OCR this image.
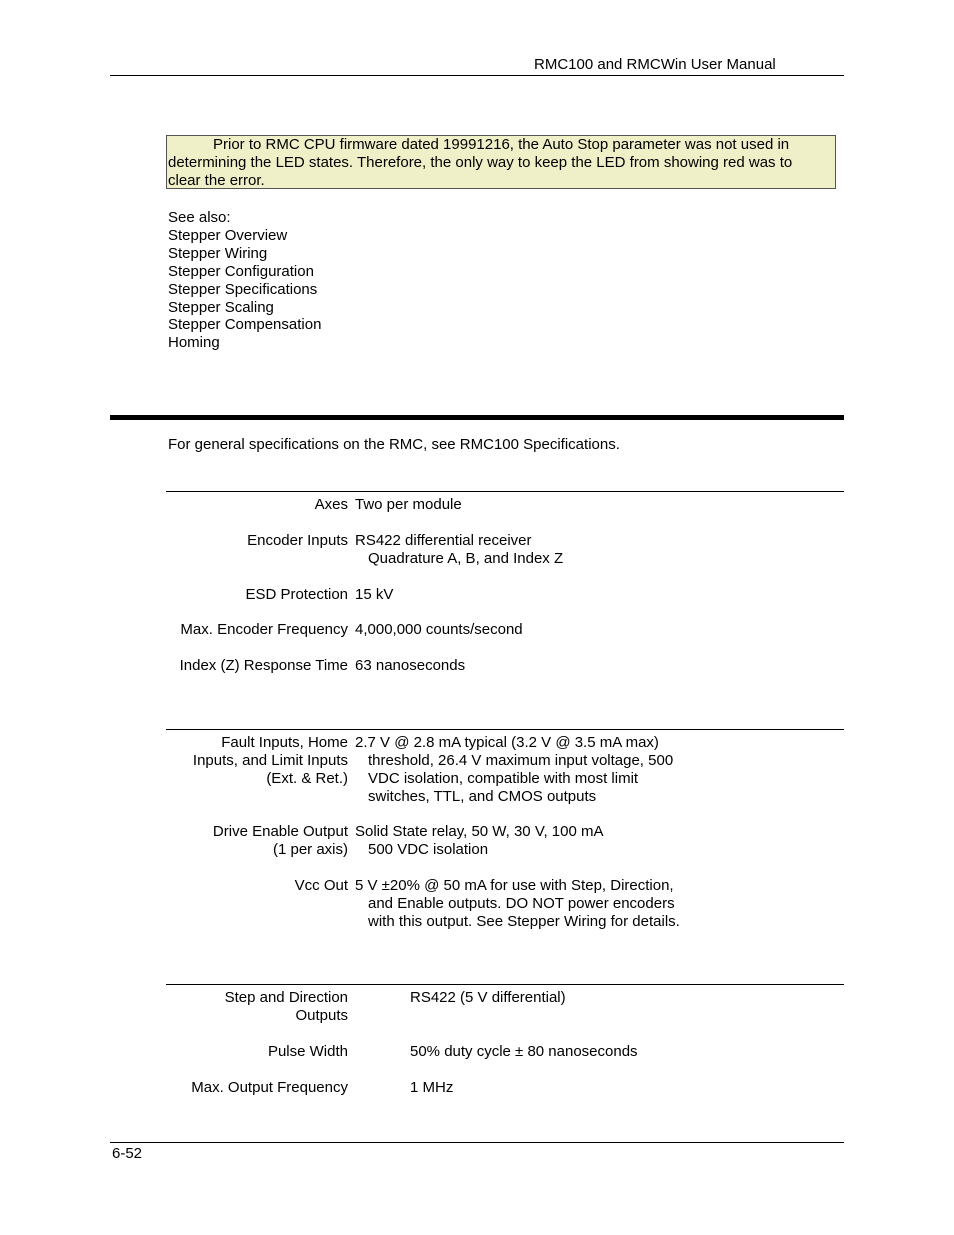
RMC100 and RMCWin User Manual
Prior to RMC CPU firmware dated 19991216, the Auto Stop parameter was not used in
determining the LED states. Therefore, the only way to keep the LED from showing red was to
clear the error.
See also:
Stepper Overview
Stepper Wiring
Stepper Configuration
Stepper Specifications
Stepper Scaling
Stepper Compensation
Homing
For general specifications on the RMC, see RMC100 Specifications.
Axes Two per module
Encoder Inputs RS422 differential receiver
Quadrature A, B, and Index Z
ESD Protection 15 kV
Max. Encoder Frequency 4,000,000 counts/second
Index (Z) Response Time 63 nanoseconds
Fault Inputs, Home
Inputs, and Limit Inputs
(Ext. & Ret.)
2.7 V @ 2.8 mA typical (3.2 V @ 3.5 mA max)
threshold, 26.4 V maximum input voltage, 500
VDC isolation, compatible with most limit
switches, TTL, and CMOS outputs
Drive Enable Output
(1 per axis)
Solid State relay, 50 W, 30 V, 100 mA
500 VDC isolation
Vcc Out 5 V ±20% @ 50 mA for use with Step, Direction,
and Enable outputs. DO NOT power encoders
with this output. See Stepper Wiring for details.
Step and Direction
Outputs
RS422 (5 V differential)
Pulse Width	50% duty cycle ± 80 nanoseconds
Max. Output Frequency	1 MHz
6-52
